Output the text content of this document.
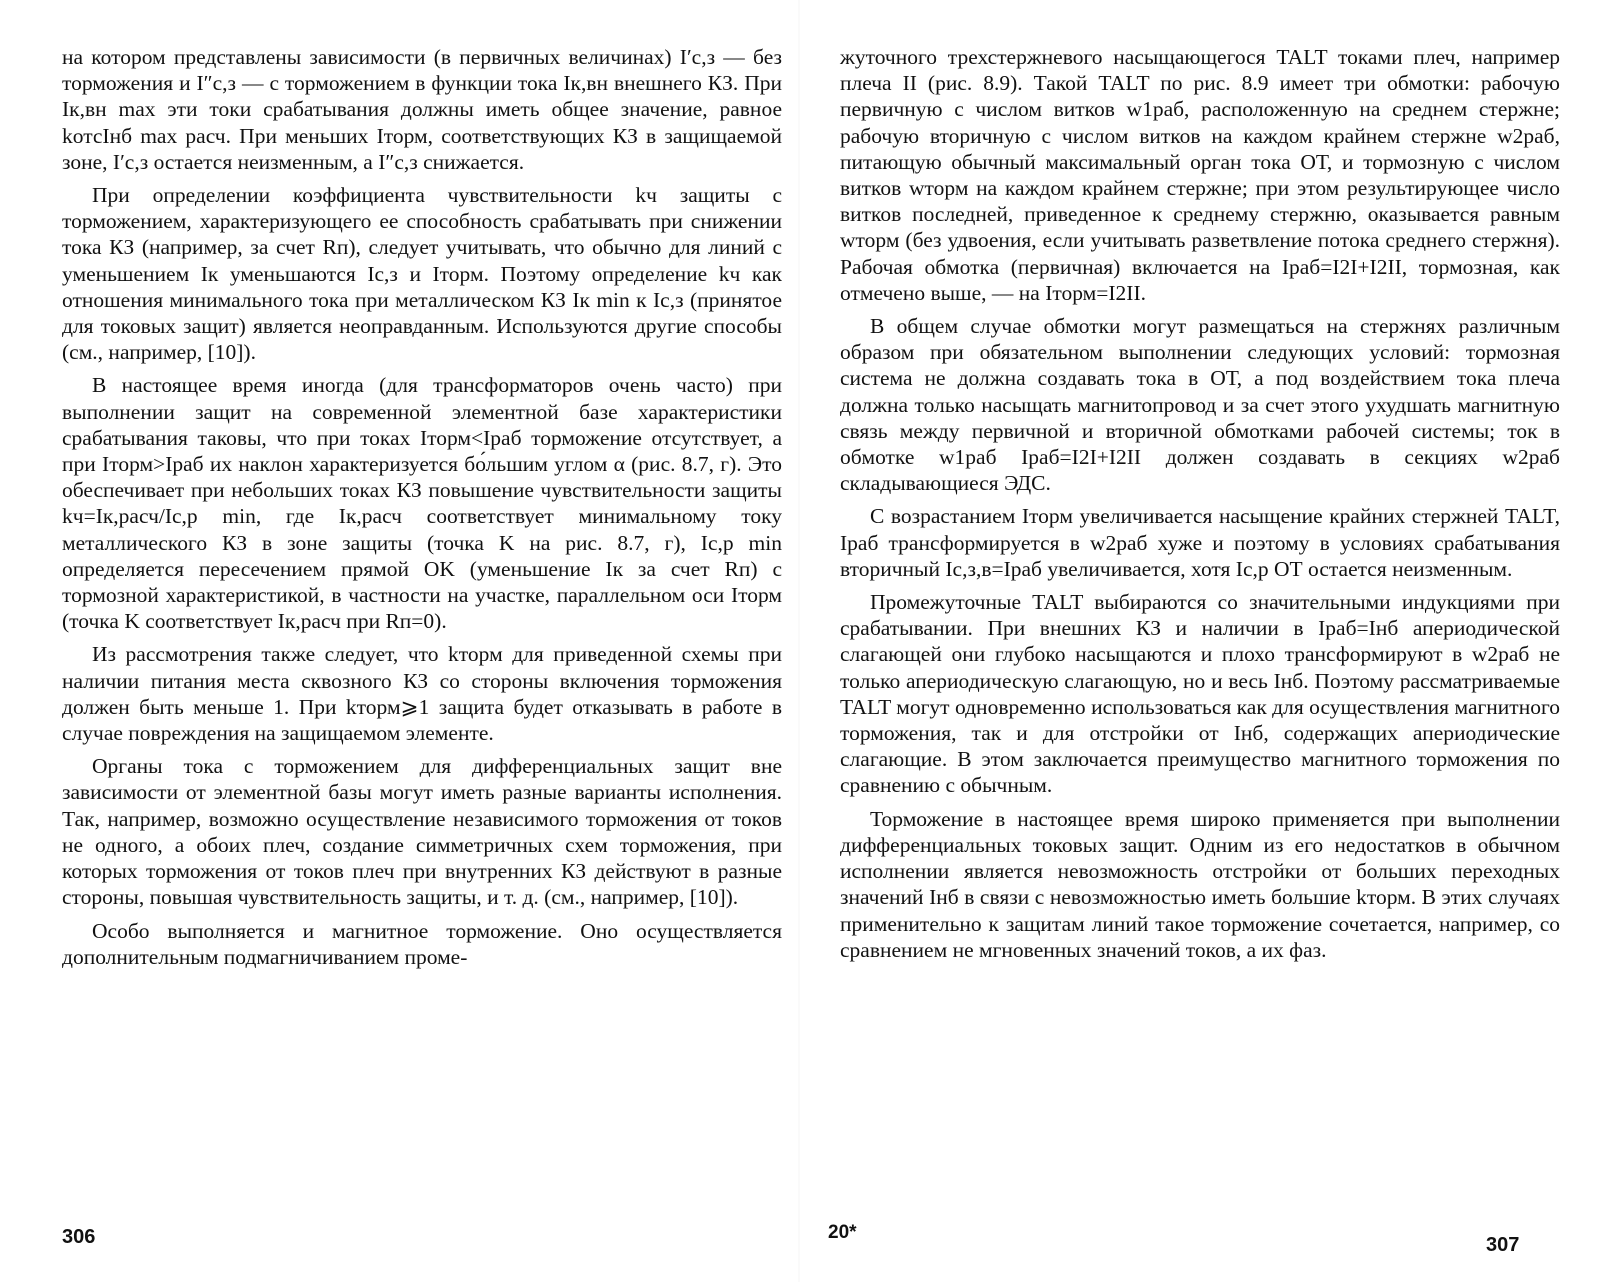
на котором представлены зависимости (в первичных величинах) I′с,з — без торможения и I″с,з — с торможением в функции тока Iк,вн внешнего КЗ. При Iк,вн max эти токи срабатывания должны иметь общее значение, равное kотсIнб max расч. При меньших Iторм, соответствующих КЗ в защищаемой зоне, I′с,з остается неизменным, а I″с,з снижается.

При определении коэффициента чувствительности kч защиты с торможением, характеризующего ее способность срабатывать при снижении тока КЗ (например, за счет Rп), следует учитывать, что обычно для линий с уменьшением Iк уменьшаются Iс,з и Iторм. Поэтому определение kч как отношения минимального тока при металлическом КЗ Iк min к Iс,з (принятое для токовых защит) является неоправданным. Используются другие способы (см., например, [10]).

В настоящее время иногда (для трансформаторов очень часто) при выполнении защит на современной элементной базе характеристики срабатывания таковы, что при токах Iторм<Iраб торможение отсутствует, а при Iторм>Iраб их наклон характеризуется бо́льшим углом α (рис. 8.7, г). Это обеспечивает при небольших токах КЗ повышение чувствительности защиты kч=Iк,расч/Iс,р min, где Iк,расч соответствует минимальному току металлического КЗ в зоне защиты (точка K на рис. 8.7, г), Iс,р min определяется пересечением прямой OK (уменьшение Iк за счет Rп) с тормозной характеристикой, в частности на участке, параллельном оси Iторм (точка K соответствует Iк,расч при Rп=0).

Из рассмотрения также следует, что kторм для приведенной схемы при наличии питания места сквозного КЗ со стороны включения торможения должен быть меньше 1. При kторм⩾1 защита будет отказывать в работе в случае повреждения на защищаемом элементе.

Органы тока с торможением для дифференциальных защит вне зависимости от элементной базы могут иметь разные варианты исполнения. Так, например, возможно осуществление независимого торможения от токов не одного, а обоих плеч, создание симметричных схем торможения, при которых торможения от токов плеч при внутренних КЗ действуют в разные стороны, повышая чувствительность защиты, и т. д. (см., например, [10]).

Особо выполняется и магнитное торможение. Оно осуществляется дополнительным подмагничиванием проме-

306

жуточного трехстержневого насыщающегося TALT токами плеч, например плеча II (рис. 8.9). Такой TALT по рис. 8.9 имеет три обмотки: рабочую первичную с числом витков w1раб, расположенную на среднем стержне; рабочую вторичную с числом витков на каждом крайнем стержне w2раб, питающую обычный максимальный орган тока ОТ, и тормозную с числом витков wторм на каждом крайнем стержне; при этом результирующее число витков последней, приведенное к среднему стержню, оказывается равным wторм (без удвоения, если учитывать разветвление потока среднего стержня). Рабочая обмотка (первичная) включается на Iраб=I2I+I2II, тормозная, как отмечено выше, — на Iторм=I2II.

В общем случае обмотки могут размещаться на стержнях различным образом при обязательном выполнении следующих условий: тормозная система не должна создавать тока в ОТ, а под воздействием тока плеча должна только насыщать магнитопровод и за счет этого ухудшать магнитную связь между первичной и вторичной обмотками рабочей системы; ток в обмотке w1раб Iраб=I2I+I2II должен создавать в секциях w2раб складывающиеся ЭДС.

С возрастанием Iторм увеличивается насыщение крайних стержней TALT, Iраб трансформируется в w2раб хуже и поэтому в условиях срабатывания вторичный Iс,з,в=Iраб увеличивается, хотя Iс,р ОТ остается неизменным.

Промежуточные TALT выбираются со значительными индукциями при срабатывании. При внешних КЗ и наличии в Iраб=Iнб апериодической слагающей они глубоко насыщаются и плохо трансформируют в w2раб не только апериодическую слагающую, но и весь Iнб. Поэтому рассматриваемые TALT могут одновременно использоваться как для осуществления магнитного торможения, так и для отстройки от Iнб, содержащих апериодические слагающие. В этом заключается преимущество магнитного торможения по сравнению с обычным.

Торможение в настоящее время широко применяется при выполнении дифференциальных токовых защит. Одним из его недостатков в обычном исполнении является невозможность отстройки от больших переходных значений Iнб в связи с невозможностью иметь большие kторм. В этих случаях применительно к защитам линий такое торможение сочетается, например, со сравнением не мгновенных значений токов, а их фаз.

20*
307
